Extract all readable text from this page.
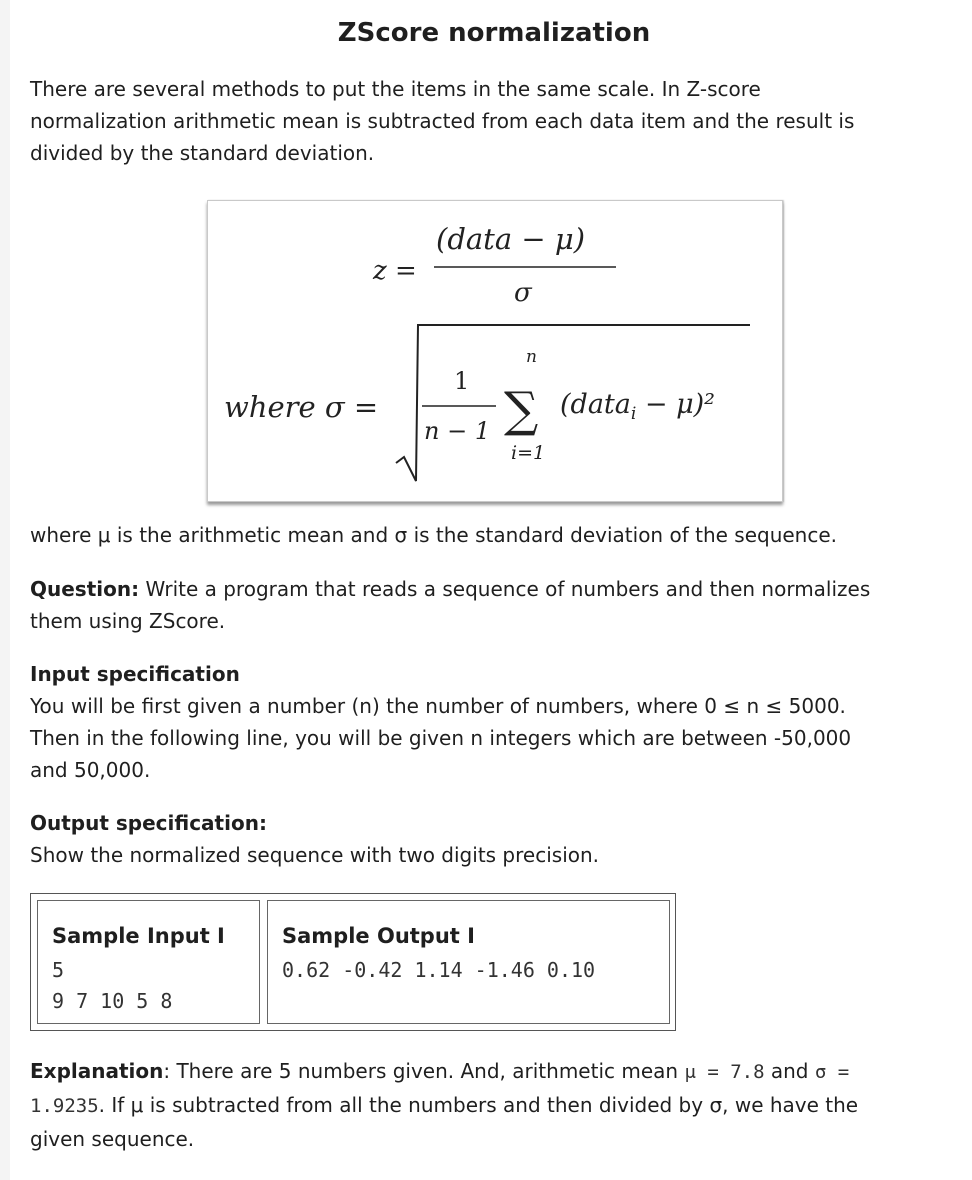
ZScore normalization

There are several methods to put the items in the same scale. In Z-score

normalization arithmetic mean is subtracted from each data item and the result is

divided by the standard deviation.

z =
(data − μ)
σ
where σ =
1
n − 1
n
∑
i=1
(data$_i$ − μ)²

where μ is the arithmetic mean and σ is the standard deviation of the sequence.

Question: Write a program that reads a sequence of numbers and then normalizes

them using ZScore.

Input specification

You will be first given a number (n) the number of numbers, where 0 ≤ n ≤ 5000.

Then in the following line, you will be given n integers which are between -50,000

and 50,000.

Output specification:

Show the normalized sequence with two digits precision.

Sample Input I
5
9 7 10 5 8
Sample Output I
0.62 -0.42 1.14 -1.46 0.10

Explanation: There are 5 numbers given. And, arithmetic mean μ = 7.8 and σ =

1.9235. If μ is subtracted from all the numbers and then divided by σ, we have the

given sequence.
